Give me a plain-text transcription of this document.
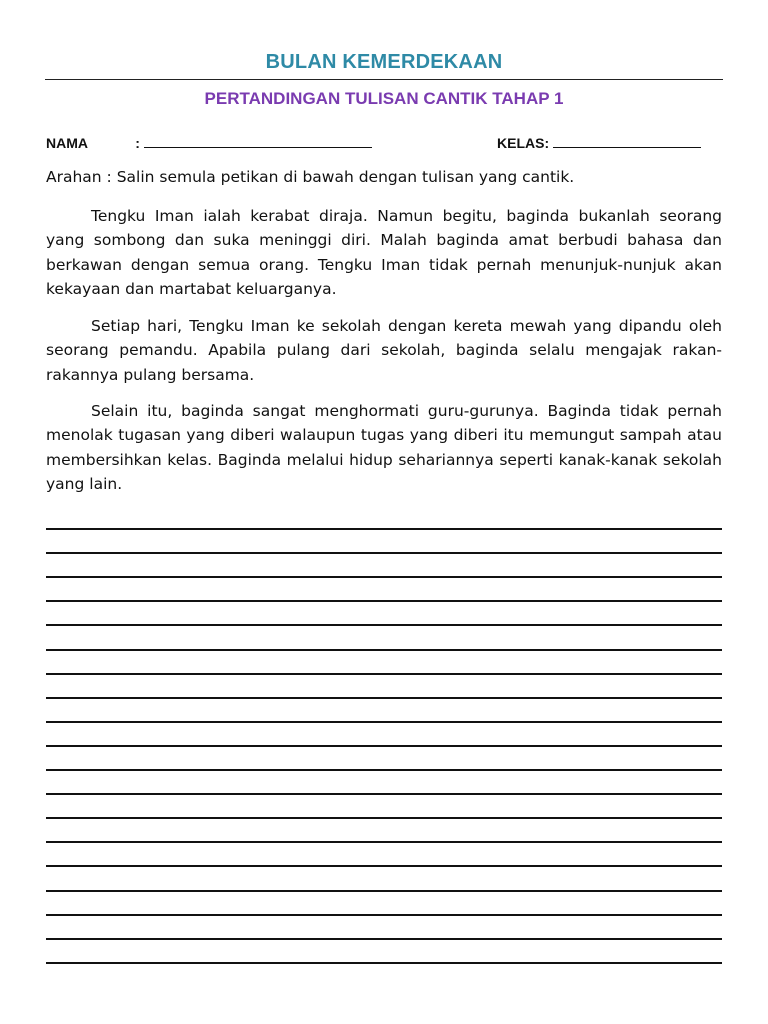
BULAN KEMERDEKAAN
PERTANDINGAN TULISAN CANTIK TAHAP 1
NAMA	:	KELAS:
Arahan : Salin semula petikan di bawah dengan tulisan yang cantik.
Tengku Iman ialah kerabat diraja. Namun begitu, baginda bukanlah seorang yang sombong dan suka meninggi diri. Malah baginda amat berbudi bahasa dan berkawan dengan semua orang. Tengku Iman tidak pernah menunjuk-nunjuk akan kekayaan dan martabat keluarganya.
Setiap hari, Tengku Iman ke sekolah dengan kereta mewah yang dipandu oleh seorang pemandu. Apabila pulang dari sekolah, baginda selalu mengajak rakan-rakannya pulang bersama.
Selain itu, baginda sangat menghormati guru-gurunya. Baginda tidak pernah menolak tugasan yang diberi walaupun tugas yang diberi itu memungut sampah atau membersihkan kelas. Baginda melalui hidup sehariannya seperti kanak-kanak sekolah yang lain.
